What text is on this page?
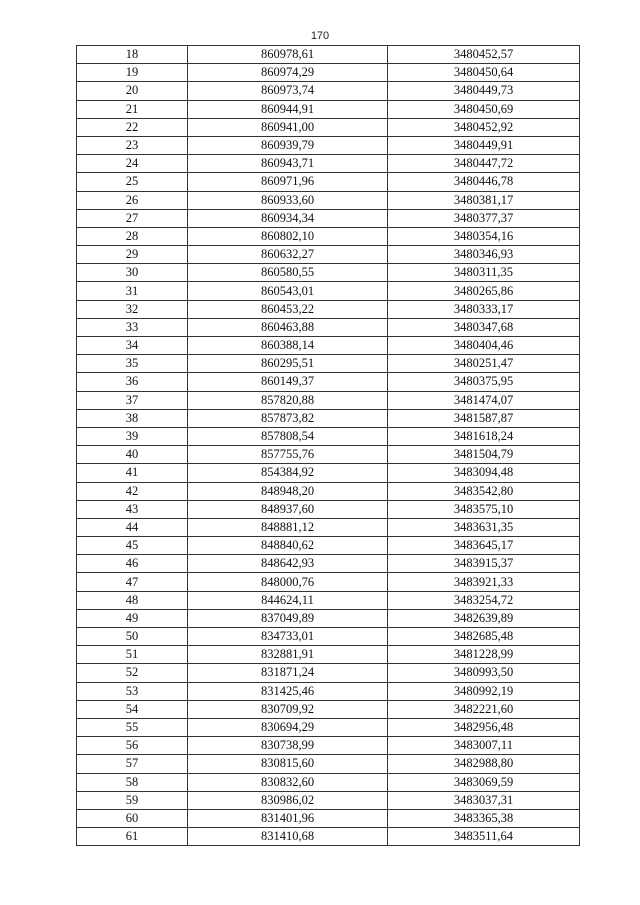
170
18	860978,61	3480452,57
19	860974,29	3480450,64
20	860973,74	3480449,73
21	860944,91	3480450,69
22	860941,00	3480452,92
23	860939,79	3480449,91
24	860943,71	3480447,72
25	860971,96	3480446,78
26	860933,60	3480381,17
27	860934,34	3480377,37
28	860802,10	3480354,16
29	860632,27	3480346,93
30	860580,55	3480311,35
31	860543,01	3480265,86
32	860453,22	3480333,17
33	860463,88	3480347,68
34	860388,14	3480404,46
35	860295,51	3480251,47
36	860149,37	3480375,95
37	857820,88	3481474,07
38	857873,82	3481587,87
39	857808,54	3481618,24
40	857755,76	3481504,79
41	854384,92	3483094,48
42	848948,20	3483542,80
43	848937,60	3483575,10
44	848881,12	3483631,35
45	848840,62	3483645,17
46	848642,93	3483915,37
47	848000,76	3483921,33
48	844624,11	3483254,72
49	837049,89	3482639,89
50	834733,01	3482685,48
51	832881,91	3481228,99
52	831871,24	3480993,50
53	831425,46	3480992,19
54	830709,92	3482221,60
55	830694,29	3482956,48
56	830738,99	3483007,11
57	830815,60	3482988,80
58	830832,60	3483069,59
59	830986,02	3483037,31
60	831401,96	3483365,38
61	831410,68	3483511,64
